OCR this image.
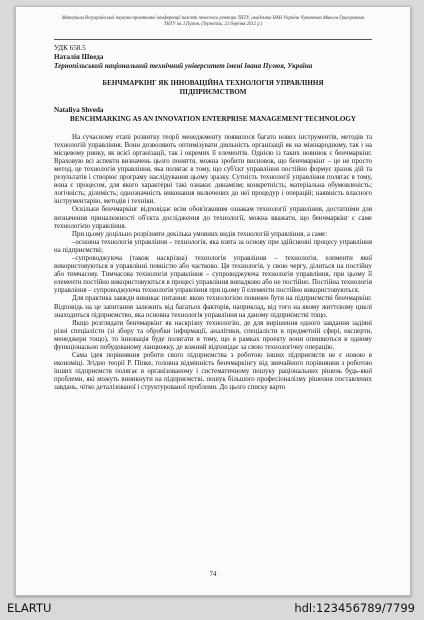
Матеріали Всеукраїнської науково-практичної конференції пам'яті почесного ректора ТНТУ, академіка НАН України Чумаченка Миколи Григоровича ТНТУ ім. І.Пулюя, (Тернопіль, 21 березня 2012 р.)
УДК 658.5
Наталія Шведа
Тернопільський національний технічний університет імені Івана Пулюя, Україна
БЕНЧМАРКІНГ ЯК ІННОВАЦІЙНА ТЕХНОЛОГІЯ УПРАВЛІННЯ ПІДПРИЄМСТВОМ
Nataliya Shveda
BENCHMARKING AS AN INNOVATION ENTERPRISE MANAGEMENT TECHNOLOGY

На сучасному етапі розвитку теорії менеджменту появилося багато нових інструментів, методів та технологій управління. Вони дозволяють оптимізувати діяльність організації як на міжнародному, так і на місцевому ринку, як всієї організації, так і окремих її елементів. Однією із таких новинок є бенчмаркінг. Враховую всі аспекти визначень цього поняття, можна зробити висновок, що бенчмаркінг – це не просто метод, це технологія управління, яка полягає в тому, що суб'єкт управління постійно формує зразок дій та результатів і створює програму наслідування цьому зразку. Сутність технології управління полягає в тому, вона є процесом, для якого характерні такі ознаки: динамізм; конкретність; матеріальна обумовленість; логічність; ділимість; однозначність виконання включених до неї процедур і операцій; наявність власного інструментарію, методів і техніки.

Оскільки бенчмаркінг відповідає всім обов'язковим ознакам технології управління, достатніми для визначення приналежності об'єкта дослідження до технології, можна вважати, що бенчмаркінг є саме технологією управління.

При цьому доцільно розрізняти декілька умовних видів технологій управління, а саме:

–основна технологія управління – технологія, яка взята за основу при здійсненні процесу управління на підприємстві;

–супроводжуюча (також наскрізна) технологія управління – технологія, елементи якої використовуються в управлінні повністю або частково. Ця технологія, у свою чергу, ділиться на постійну або тимчасову. Тимчасова технологія управління – супроводжуюча технологія управління, при цьому її елементи постійно використовуються в процесі управління випадково або не постійно. Постійна технологія управління – супроводжуюча технологія управління при цьому її елементи постійно використовуються.

Для практика завжди виникає питання: якою технологією повинен бути на підприємстві бенчмаркінг. Відповідь на це запитання залежить від багатьох факторів, наприклад, від того на якому життєвому циклі знаходиться підприємство, яка основна технологія управління на даному підприємстві тощо.

Якщо розглядати бенчмаркінг як наскрізну технологію, де для вирішення одного завдання задіяні різні спеціалісти (зі збору та обробки інформації, аналітики, спеціалісти в предметній сфері, експерти, менеджери тощо), то інновація буде полягати в тому, що в рамках проекту вони опиняються в одному функціонально побудованому ланцюжку, де кожний відповідає за свою технологічну операцію.

Сама ідея порівняння роботи свого підприємства з роботою інших підприємств не є новою в економіці. Згідно теорії Р. Піпке, головна відмінність бенчмаркінгу від звичайного порівняння з роботою інших підприємств полягає в організованому і систематичному пошуку раціональних рішень будь-якої проблеми, які можуть виникнути на підприємстві, пошук більшого професіоналізму рішення поставлених завдань, чітко деталізованої і структурованої проблеми. До цього списку варто

74
ELARTU	hdl:123456789/7799
